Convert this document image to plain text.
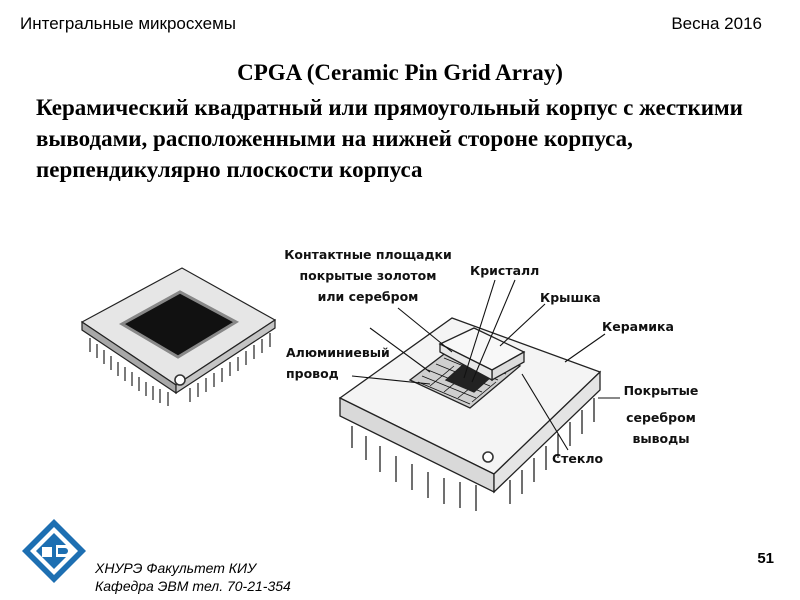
Интегральные микросхемы	Весна 2016
CPGA (Ceramic Pin Grid Array)
Керамический квадратный или прямоугольный корпус с жесткими выводами, расположенными на нижней стороне корпуса, перпендикулярно плоскости корпуса
Контактные площадки
покрытые золотом
или серебром
Кристалл
Крышка
Керамика
Алюминиевый
провод
Покрытые
серебром
выводы
Стекло
ХНУРЭ Факультет КИУ
Кафедра ЭВМ тел. 70-21-354
51
